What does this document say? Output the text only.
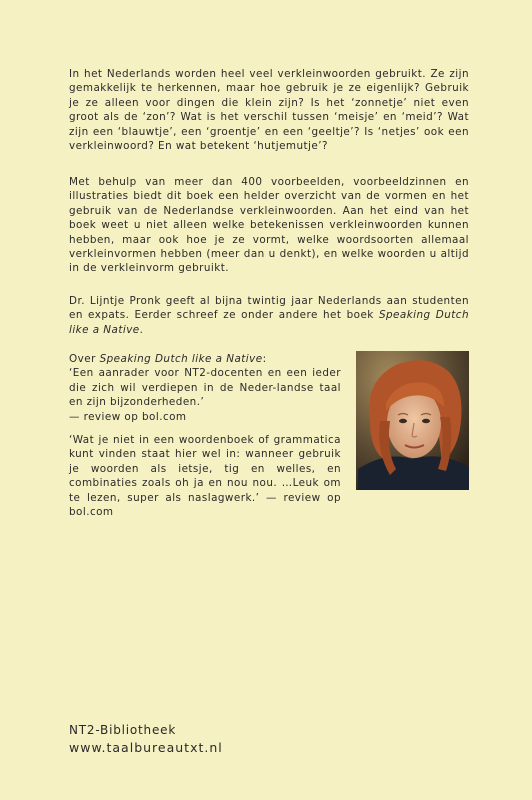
In het Nederlands worden heel veel verkleinwoorden gebruikt. Ze zijn gemakkelijk te herkennen, maar hoe gebruik je ze eigenlijk? Gebruik je ze alleen voor dingen die klein zijn? Is het ‘zonnetje’ niet even groot als de ‘zon’? Wat is het verschil tussen ‘meisje’ en ‘meid’? Wat zijn een ‘blauwtje’, een ‘groentje’ en een ‘geeltje’? Is ‘netjes’ ook een verkleinwoord? En wat betekent ‘hutjemutje’?

Met behulp van meer dan 400 voorbeelden, voorbeeldzinnen en illustraties biedt dit boek een helder overzicht van de vormen en het gebruik van de Nederlandse verkleinwoorden. Aan het eind van het boek weet u niet alleen welke betekenissen verkleinwoorden kunnen hebben, maar ook hoe je ze vormt, welke woordsoorten allemaal verkleinvormen hebben (meer dan u denkt), en welke woorden u altijd in de verkleinvorm gebruikt.

Dr. Lijntje Pronk geeft al bijna twintig jaar Nederlands aan studenten en expats. Eerder schreef ze onder andere het boek Speaking Dutch like a Native.

Over Speaking Dutch like a Native:
‘Een aanrader voor NT2-docenten en een ieder die zich wil verdiepen in de Neder-landse taal en zijn bijzonderheden.’
— review op bol.com
‘Wat je niet in een woordenboek of grammatica kunt vinden staat hier wel in: wanneer gebruik je woorden als ietsje, tig en welles, en combinaties zoals oh ja en nou nou. …Leuk om te lezen, super als naslagwerk.’ — review op bol.com
NT2-Bibliotheek
www.taalbureautxt.nl
